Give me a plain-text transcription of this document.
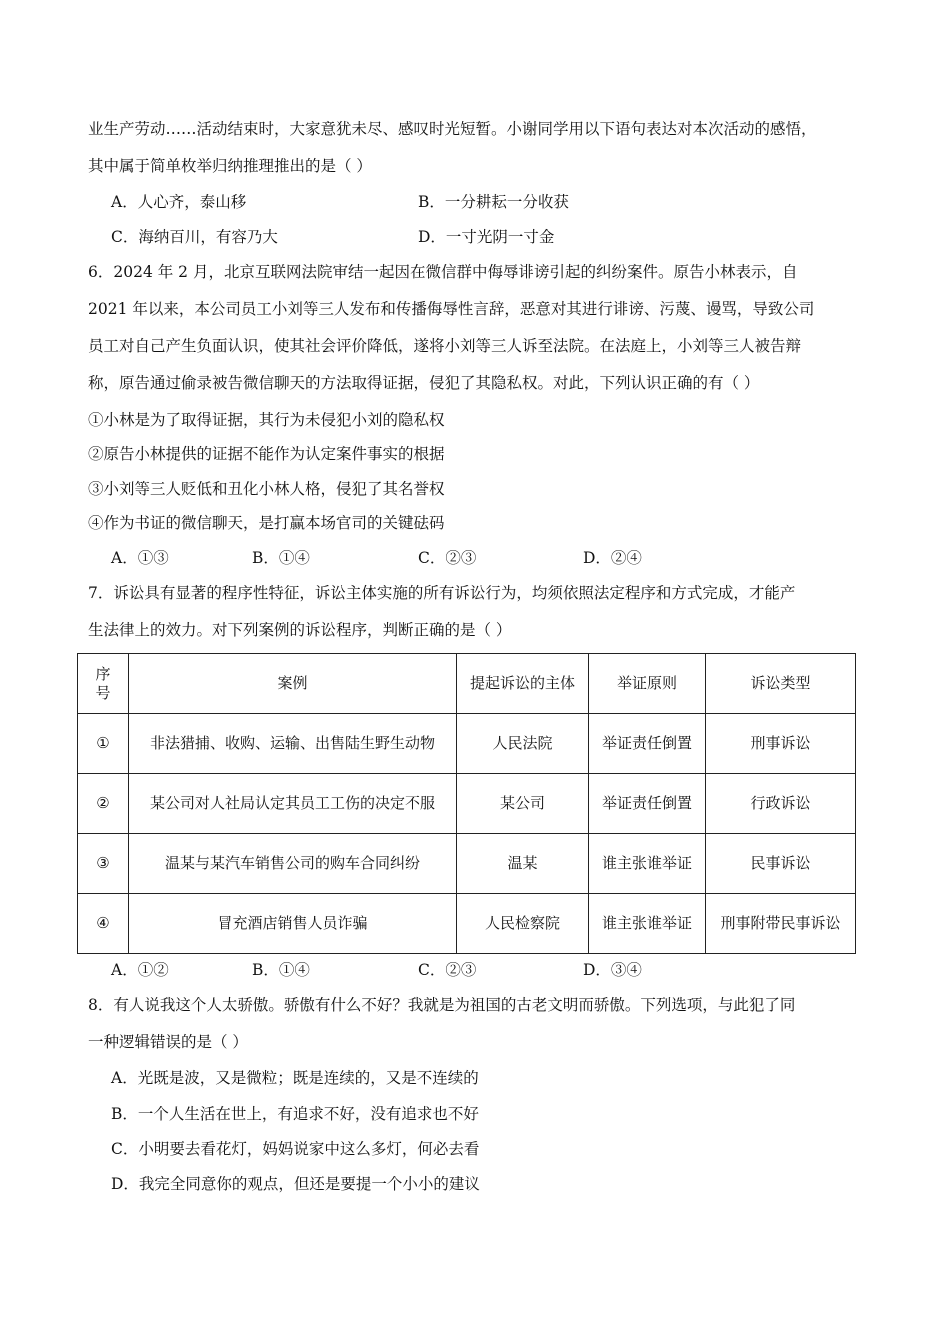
业生产劳动……活动结束时，大家意犹未尽、感叹时光短暂。小谢同学用以下语句表达对本次活动的感悟，
其中属于简单枚举归纳推理推出的是（ ）
A．人心齐，泰山移	B．一分耕耘一分收获
C．海纳百川，有容乃大	D．一寸光阴一寸金
6．2024 年 2 月，北京互联网法院审结一起因在微信群中侮辱诽谤引起的纠纷案件。原告小林表示，自
2021 年以来，本公司员工小刘等三人发布和传播侮辱性言辞，恶意对其进行诽谤、污蔑、谩骂，导致公司
员工对自己产生负面认识，使其社会评价降低，遂将小刘等三人诉至法院。在法庭上，小刘等三人被告辩
称，原告通过偷录被告微信聊天的方法取得证据，侵犯了其隐私权。对此，下列认识正确的有（ ）
①小林是为了取得证据，其行为未侵犯小刘的隐私权
②原告小林提供的证据不能作为认定案件事实的根据
③小刘等三人贬低和丑化小林人格，侵犯了其名誉权
④作为书证的微信聊天，是打赢本场官司的关键砝码
A．①③	B．①④	C．②③	D．②④
7．诉讼具有显著的程序性特征，诉讼主体实施的所有诉讼行为，均须依照法定程序和方式完成，才能产
生法律上的效力。对下列案例的诉讼程序，判断正确的是（ ）
序号	案例	提起诉讼的主体	举证原则	诉讼类型
①	非法猎捕、收购、运输、出售陆生野生动物	人民法院	举证责任倒置	刑事诉讼
②	某公司对人社局认定其员工工伤的决定不服	某公司	举证责任倒置	行政诉讼
③	温某与某汽车销售公司的购车合同纠纷	温某	谁主张谁举证	民事诉讼
④	冒充酒店销售人员诈骗	人民检察院	谁主张谁举证	刑事附带民事诉讼
A．①②	B．①④	C．②③	D．③④
8．有人说我这个人太骄傲。骄傲有什么不好？我就是为祖国的古老文明而骄傲。下列选项，与此犯了同
一种逻辑错误的是（ ）
A．光既是波，又是微粒；既是连续的，又是不连续的
B．一个人生活在世上，有追求不好，没有追求也不好
C．小明要去看花灯，妈妈说家中这么多灯，何必去看
D．我完全同意你的观点，但还是要提一个小小的建议
